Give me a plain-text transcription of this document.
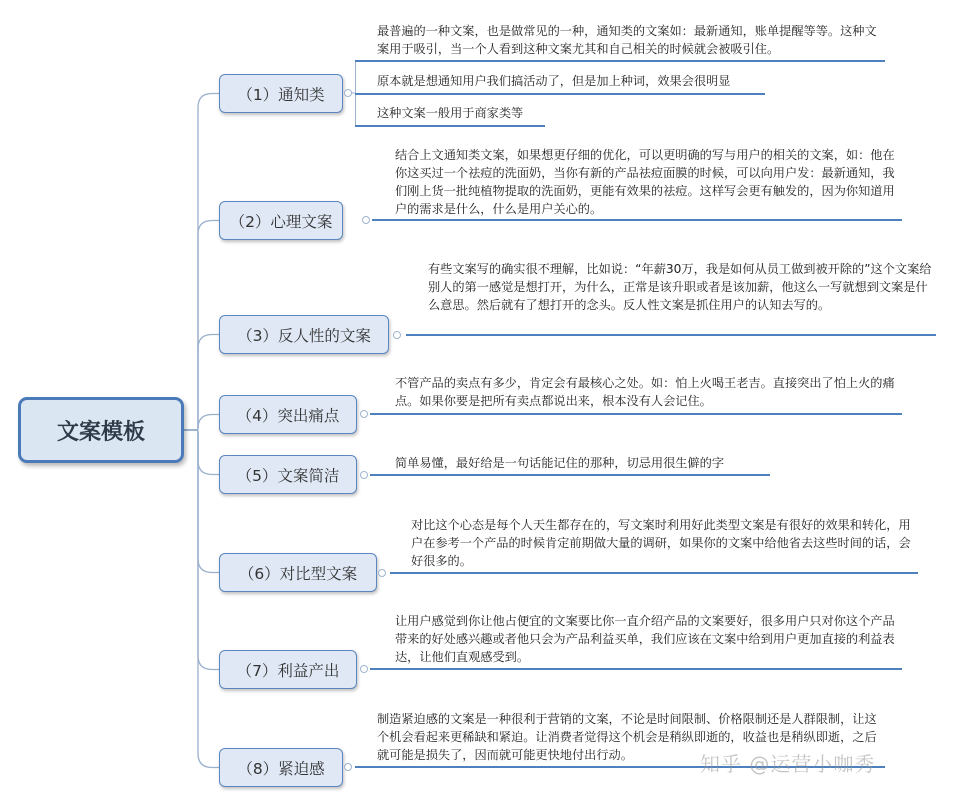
文案模板
（1）通知类
最普遍的一种文案，也是做常见的一种，通知类的文案如：最新通知，账单提醒等等。这种文案用于吸引，当一个人看到这种文案尤其和自己相关的时候就会被吸引住。
原本就是想通知用户我们搞活动了，但是加上种词，效果会很明显
这种文案一般用于商家类等
（2）心理文案
结合上文通知类文案，如果想更仔细的优化，可以更明确的写与用户的相关的文案，如：他在你这买过一个祛痘的洗面奶，当你有新的产品祛痘面膜的时候，可以向用户发：最新通知，我们刚上货一批纯植物提取的洗面奶，更能有效果的祛痘。这样写会更有触发的，因为你知道用户的需求是什么，什么是用户关心的。
（3）反人性的文案
有些文案写的确实很不理解，比如说：“年薪30万，我是如何从员工做到被开除的”这个文案给别人的第一感觉是想打开，为什么，正常是该升职或者是该加薪，他这么一写就想到文案是什么意思。然后就有了想打开的念头。反人性文案是抓住用户的认知去写的。
（4）突出痛点
不管产品的卖点有多少，肯定会有最核心之处。如：怕上火喝王老吉。直接突出了怕上火的痛点。如果你要是把所有卖点都说出来，根本没有人会记住。
（5）文案简洁
简单易懂，最好给是一句话能记住的那种，切忌用很生僻的字
（6）对比型文案
对比这个心态是每个人天生都存在的，写文案时利用好此类型文案是有很好的效果和转化，用户在参考一个产品的时候肯定前期做大量的调研，如果你的文案中给他省去这些时间的话，会好很多的。
（7）利益产出
让用户感觉到你让他占便宜的文案要比你一直介绍产品的文案要好，很多用户只对你这个产品带来的好处感兴趣或者他只会为产品利益买单，我们应该在文案中给到用户更加直接的利益表达，让他们直观感受到。
（8）紧迫感
制造紧迫感的文案是一种很利于营销的文案，不论是时间限制、价格限制还是人群限制，让这个机会看起来更稀缺和紧迫。让消费者觉得这个机会是稍纵即逝的，收益也是稍纵即逝，之后就可能是损失了，因而就可能更快地付出行动。	知乎 @运营小咖秀
